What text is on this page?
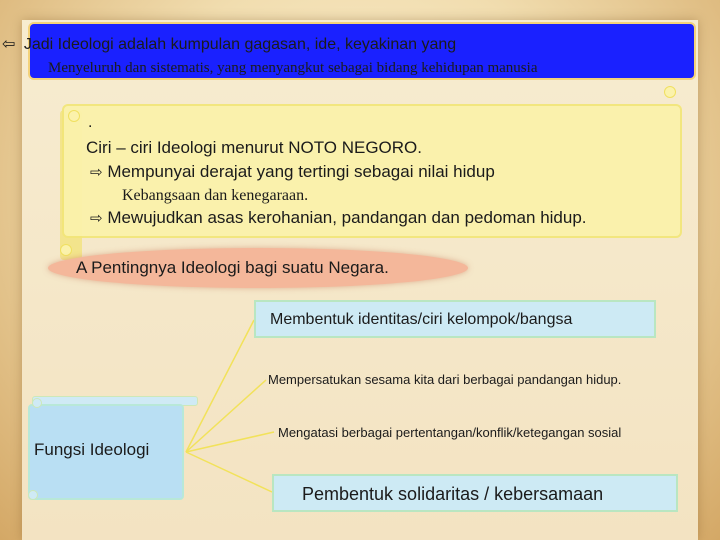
⇦ Jadi Ideologi adalah kumpulan gagasan, ide, keyakinan yang
Menyeluruh dan sistematis, yang menyangkut sebagai bidang kehidupan manusia
.
Ciri – ciri Ideologi menurut NOTO NEGORO.
⇨ Mempunyai derajat yang tertingi sebagai nilai hidup
Kebangsaan dan kenegaraan.
⇨ Mewujudkan asas kerohanian, pandangan dan pedoman hidup.
A Pentingnya Ideologi bagi suatu Negara.
Fungsi Ideologi
Membentuk identitas/ciri kelompok/bangsa
Mempersatukan sesama kita dari berbagai pandangan hidup.
Mengatasi berbagai pertentangan/konflik/ketegangan sosial
Pembentuk solidaritas / kebersamaan
